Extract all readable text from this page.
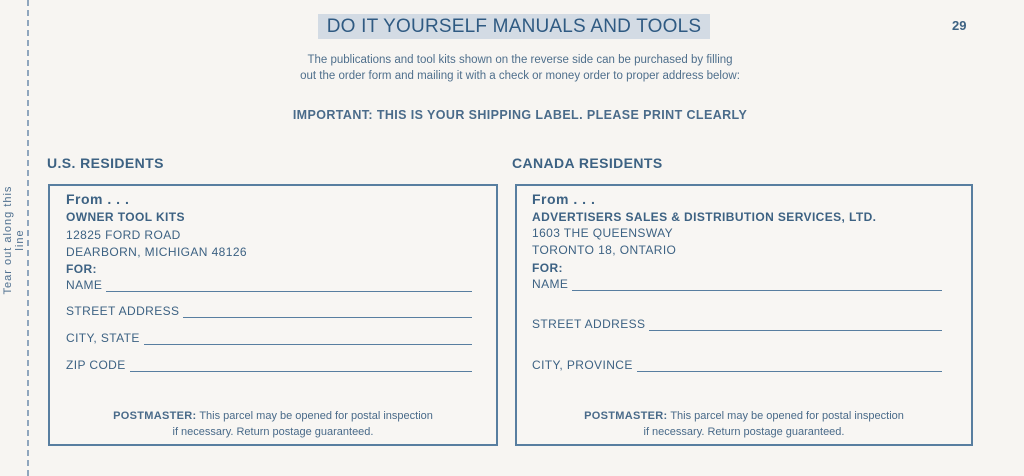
Tear out along this line
DO IT YOURSELF MANUALS AND TOOLS	29
The publications and tool kits shown on the reverse side can be purchased by filling
out the order form and mailing it with a check or money order to proper address below:
IMPORTANT: THIS IS YOUR SHIPPING LABEL. PLEASE PRINT CLEARLY
U.S. RESIDENTS
From . . .
OWNER TOOL KITS
12825 FORD ROAD
DEARBORN, MICHIGAN 48126
FOR:
NAME
STREET ADDRESS
CITY, STATE
ZIP CODE
POSTMASTER: This parcel may be opened for postal inspection
if necessary. Return postage guaranteed.
CANADA RESIDENTS
From . . .
ADVERTISERS SALES & DISTRIBUTION SERVICES, LTD.
1603 THE QUEENSWAY
TORONTO 18, ONTARIO
FOR:
NAME
STREET ADDRESS
CITY, PROVINCE
POSTMASTER: This parcel may be opened for postal inspection
if necessary. Return postage guaranteed.
